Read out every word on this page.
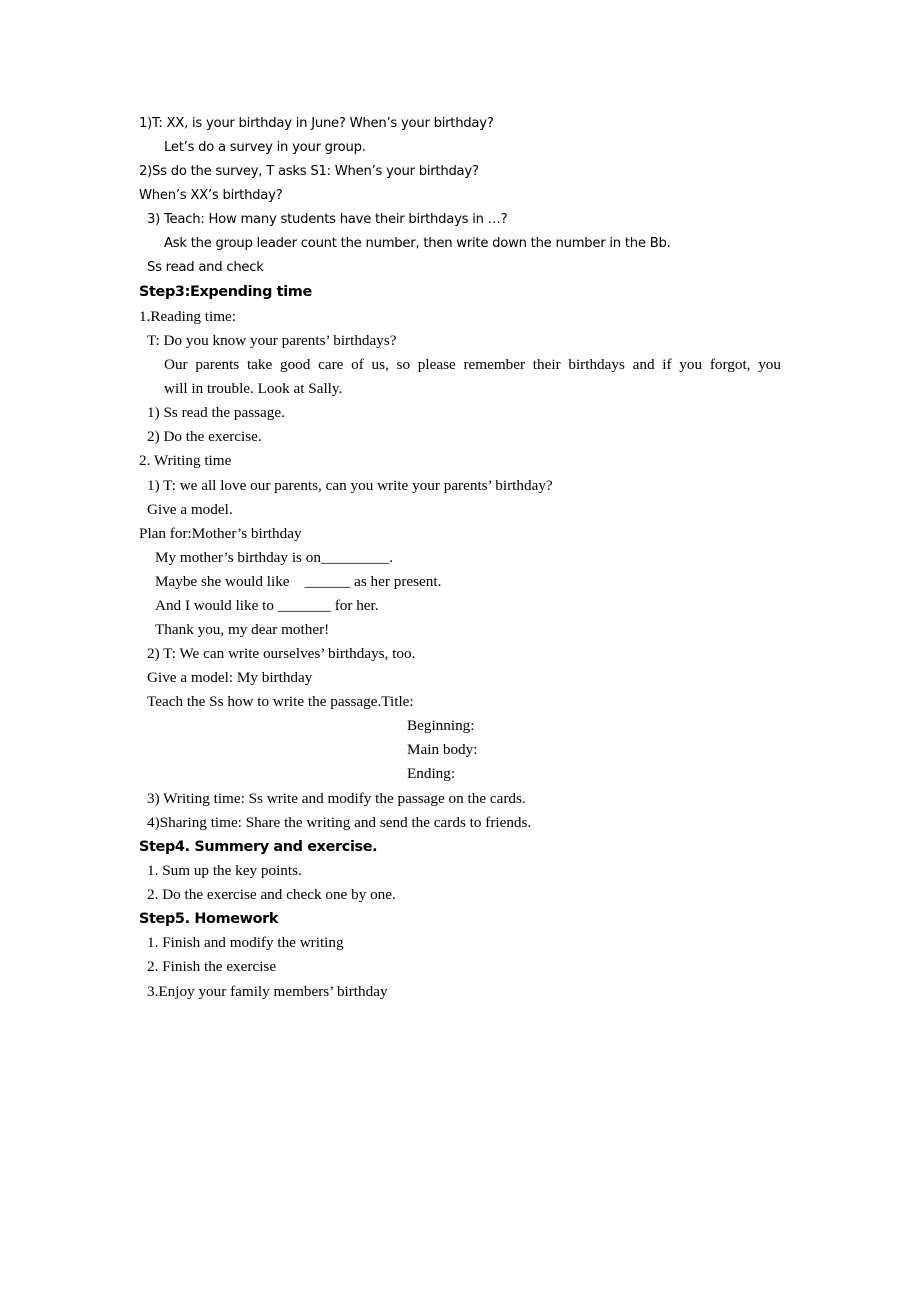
1)T: XX, is your birthday in June? When’s your birthday?
Let’s do a survey in your group.
2)Ss do the survey, T asks S1: When’s your birthday?
When’s XX’s birthday?
3) Teach: How many students have their birthdays in …?
Ask the group leader count the number, then write down the number in the Bb.
Ss read and check
Step3:Expending time
1.Reading time:
T: Do you know your parents’ birthdays?
Our parents take good care of us, so please remember their birthdays and if you forgot, you
will in trouble. Look at Sally.
1) Ss read the passage.
2) Do the exercise.
2. Writing time
1) T: we all love our parents, can you write your parents’ birthday?
Give a model.
Plan for:Mother’s birthday
My mother’s birthday is on_________.
Maybe she would like    ______ as her present.
And I would like to _______ for her.
Thank you, my dear mother!
2) T: We can write ourselves’ birthdays, too.
Give a model: My birthday
Teach the Ss how to write the passage.Title:
Beginning:
Main body:
Ending:
3) Writing time: Ss write and modify the passage on the cards.
4)Sharing time: Share the writing and send the cards to friends.
Step4. Summery and exercise.
1. Sum up the key points.
2. Do the exercise and check one by one.
Step5. Homework
1. Finish and modify the writing
2. Finish the exercise
3.Enjoy your family members’ birthday
